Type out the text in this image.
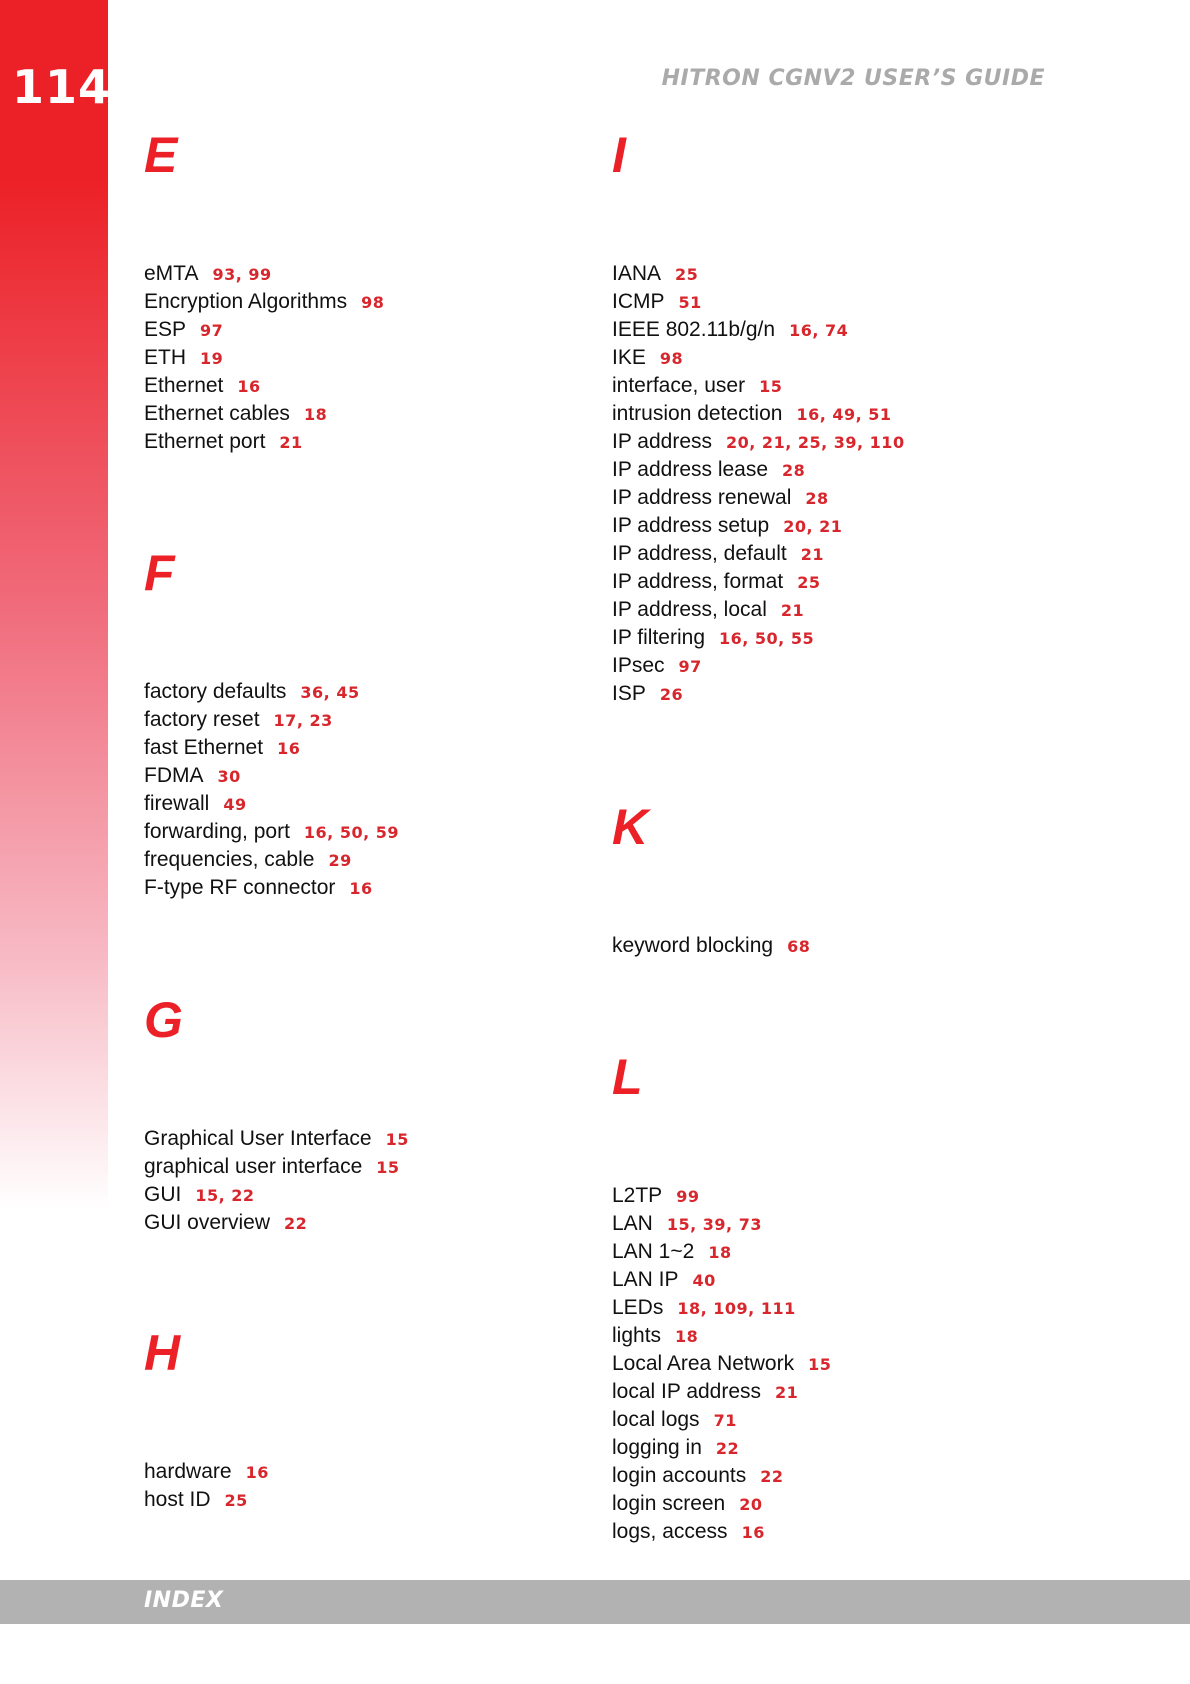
114	HITRON CGNV2 USER’S GUIDE
E
eMTA 93, 99
Encryption Algorithms 98
ESP 97
ETH 19
Ethernet 16
Ethernet cables 18
Ethernet port 21
F
factory defaults 36, 45
factory reset 17, 23
fast Ethernet 16
FDMA 30
firewall 49
forwarding, port 16, 50, 59
frequencies, cable 29
F-type RF connector 16
G
Graphical User Interface 15
graphical user interface 15
GUI 15, 22
GUI overview 22
H
hardware 16
host ID 25
I
IANA 25
ICMP 51
IEEE 802.11b/g/n 16, 74
IKE 98
interface, user 15
intrusion detection 16, 49, 51
IP address 20, 21, 25, 39, 110
IP address lease 28
IP address renewal 28
IP address setup 20, 21
IP address, default 21
IP address, format 25
IP address, local 21
IP filtering 16, 50, 55
IPsec 97
ISP 26
K
keyword blocking 68
L
L2TP 99
LAN 15, 39, 73
LAN 1~2 18
LAN IP 40
LEDs 18, 109, 111
lights 18
Local Area Network 15
local IP address 21
local logs 71
logging in 22
login accounts 22
login screen 20
logs, access 16
INDEX
